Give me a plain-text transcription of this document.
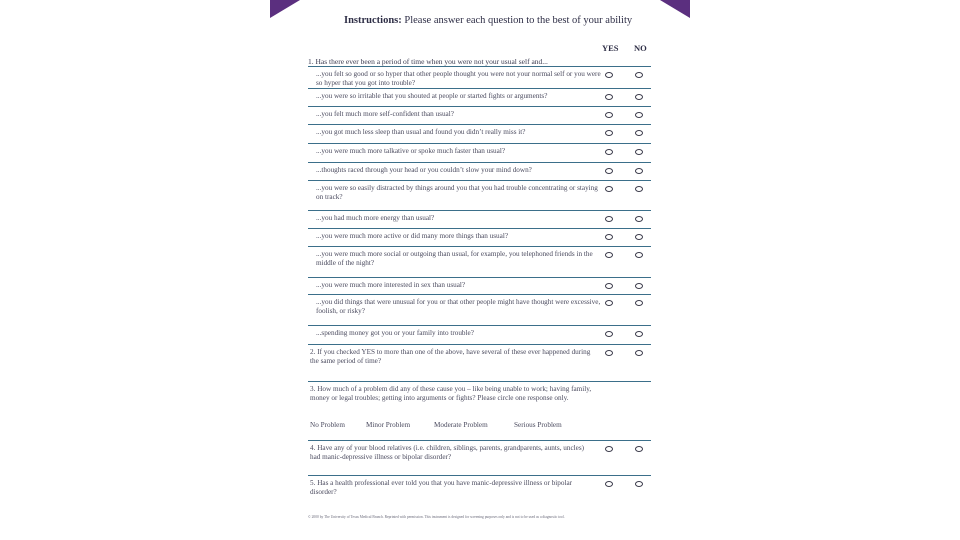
Instructions: Please answer each question to the best of your ability
YES NO
1. Has there ever been a period of time when you were not your usual self and...
...you felt so good or so hyper that other people thought you were not your normal self or you were so hyper that you got into trouble?
...you were so irritable that you shouted at people or started fights or arguments?
...you felt much more self-confident than usual?
...you got much less sleep than usual and found you didn’t really miss it?
...you were much more talkative or spoke much faster than usual?
...thoughts raced through your head or you couldn’t slow your mind down?
...you were so easily distracted by things around you that you had trouble concentrating or staying on track?
...you had much more energy than usual?
...you were much more active or did many more things than usual?
...you were much more social or outgoing than usual, for example, you telephoned friends in the middle of the night?
...you were much more interested in sex than usual?
...you did things that were unusual for you or that other people might have thought were excessive, foolish, or risky?
...spending money got you or your family into trouble?
2. If you checked YES to more than one of the above, have several of these ever happened during the same period of time?
3. How much of a problem did any of these cause you – like being unable to work; having family, money or legal troubles; getting into arguments or fights? Please circle one response only.
No Problem	Minor Problem	Moderate Problem	Serious Problem
4. Have any of your blood relatives (i.e. children, siblings, parents, grandparents, aunts, uncles) had manic-depressive illness or bipolar disorder?
5. Has a health professional ever told you that you have manic-depressive illness or bipolar disorder?
© 2000 by The University of Texas Medical Branch. Reprinted with permission. This instrument is designed for screening purposes only and is not to be used as a diagnostic tool.
